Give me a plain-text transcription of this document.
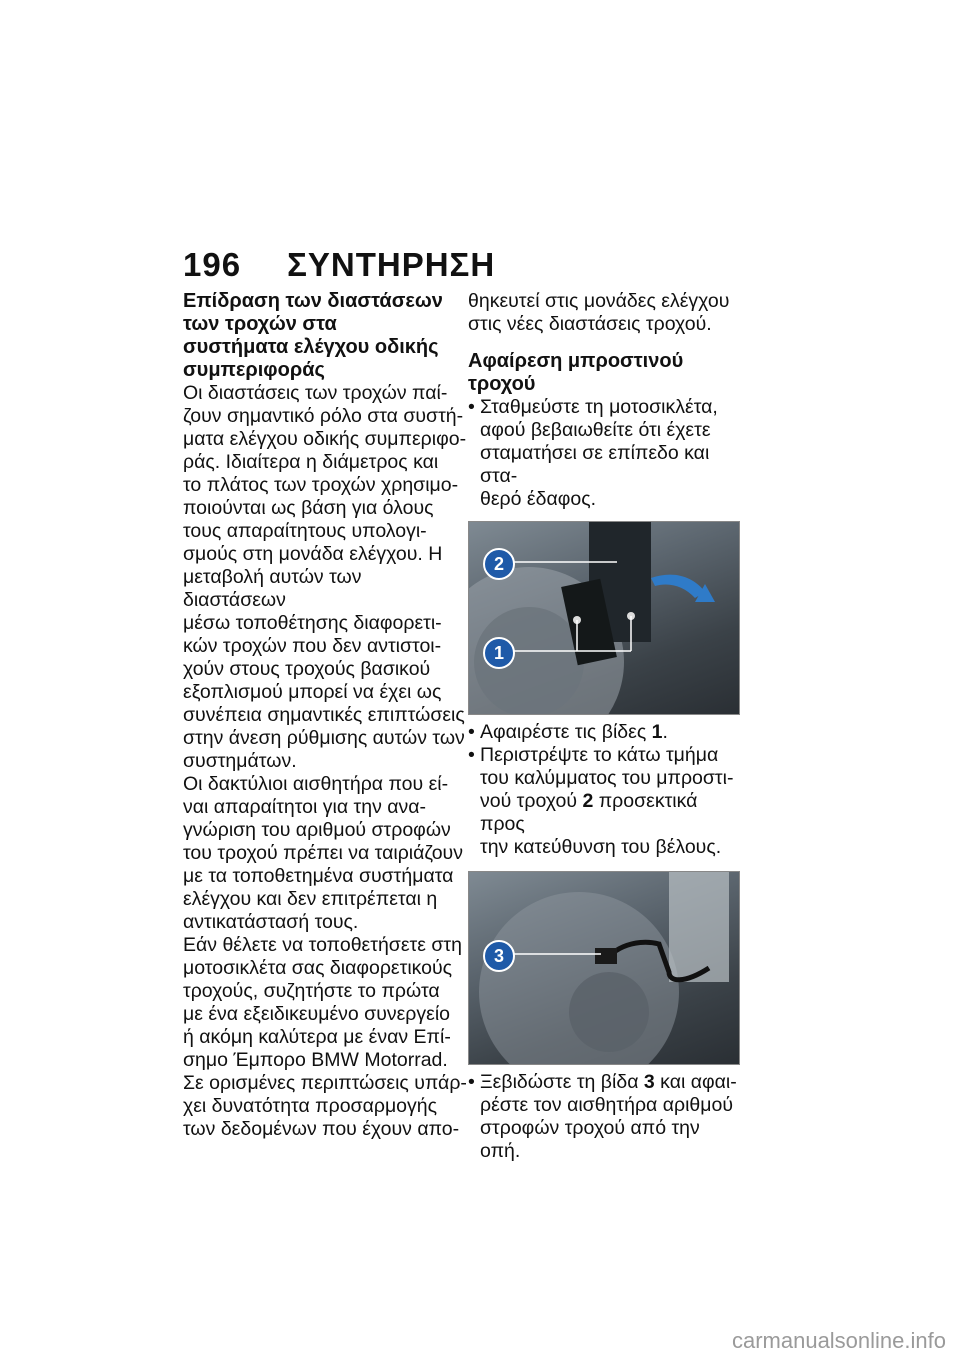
196 ΣΥΝΤΗΡΗΣΗ

Επίδραση των διαστάσεων

των τροχών στα

συστήματα ελέγχου οδικής

συμπεριφοράς

Οι διαστάσεις των τροχών παί-

ζουν σημαντικό ρόλο στα συστή-

ματα ελέγχου οδικής συμπεριφο-

ράς. Ιδιαίτερα η διάμετρος και

το πλάτος των τροχών χρησιμο-

ποιούνται ως βάση για όλους

τους απαραίτητους υπολογι-

σμούς στη μονάδα ελέγχου. Η

μεταβολή αυτών των διαστάσεων

μέσω τοποθέτησης διαφορετι-

κών τροχών που δεν αντιστοι-

χούν στους τροχούς βασικού

εξοπλισμού μπορεί να έχει ως

συνέπεια σημαντικές επιπτώσεις

στην άνεση ρύθμισης αυτών των

συστημάτων.

Οι δακτύλιοι αισθητήρα που εί-

ναι απαραίτητοι για την ανα-

γνώριση του αριθμού στροφών

του τροχού πρέπει να ταιριάζουν

με τα τοποθετημένα συστήματα

ελέγχου και δεν επιτρέπεται η

αντικατάστασή τους.

Εάν θέλετε να τοποθετήσετε στη

μοτοσικλέτα σας διαφορετικούς

τροχούς, συζητήστε το πρώτα

με ένα εξειδικευμένο συνεργείο

ή ακόμη καλύτερα με έναν Επί-

σημο Έμπορο BMW Motorrad.

Σε ορισμένες περιπτώσεις υπάρ-

χει δυνατότητα προσαρμογής

των δεδομένων που έχουν απο-

θηκευτεί στις μονάδες ελέγχου

στις νέες διαστάσεις τροχού.

Αφαίρεση μπροστινού

τροχού

• Σταθμεύστε τη μοτοσικλέτα,
αφού βεβαιωθείτε ότι έχετε
σταματήσει σε επίπεδο και στα-
θερό έδαφος.
2
1
• Αφαιρέστε τις βίδες 1.
• Περιστρέψτε το κάτω τμήμα
του καλύμματος του μπροστι-
νού τροχού 2 προσεκτικά προς
την κατεύθυνση του βέλους.
3
• Ξεβιδώστε τη βίδα 3 και αφαι-
ρέστε τον αισθητήρα αριθμού
στροφών τροχού από την οπή.
carmanualsonline.info
